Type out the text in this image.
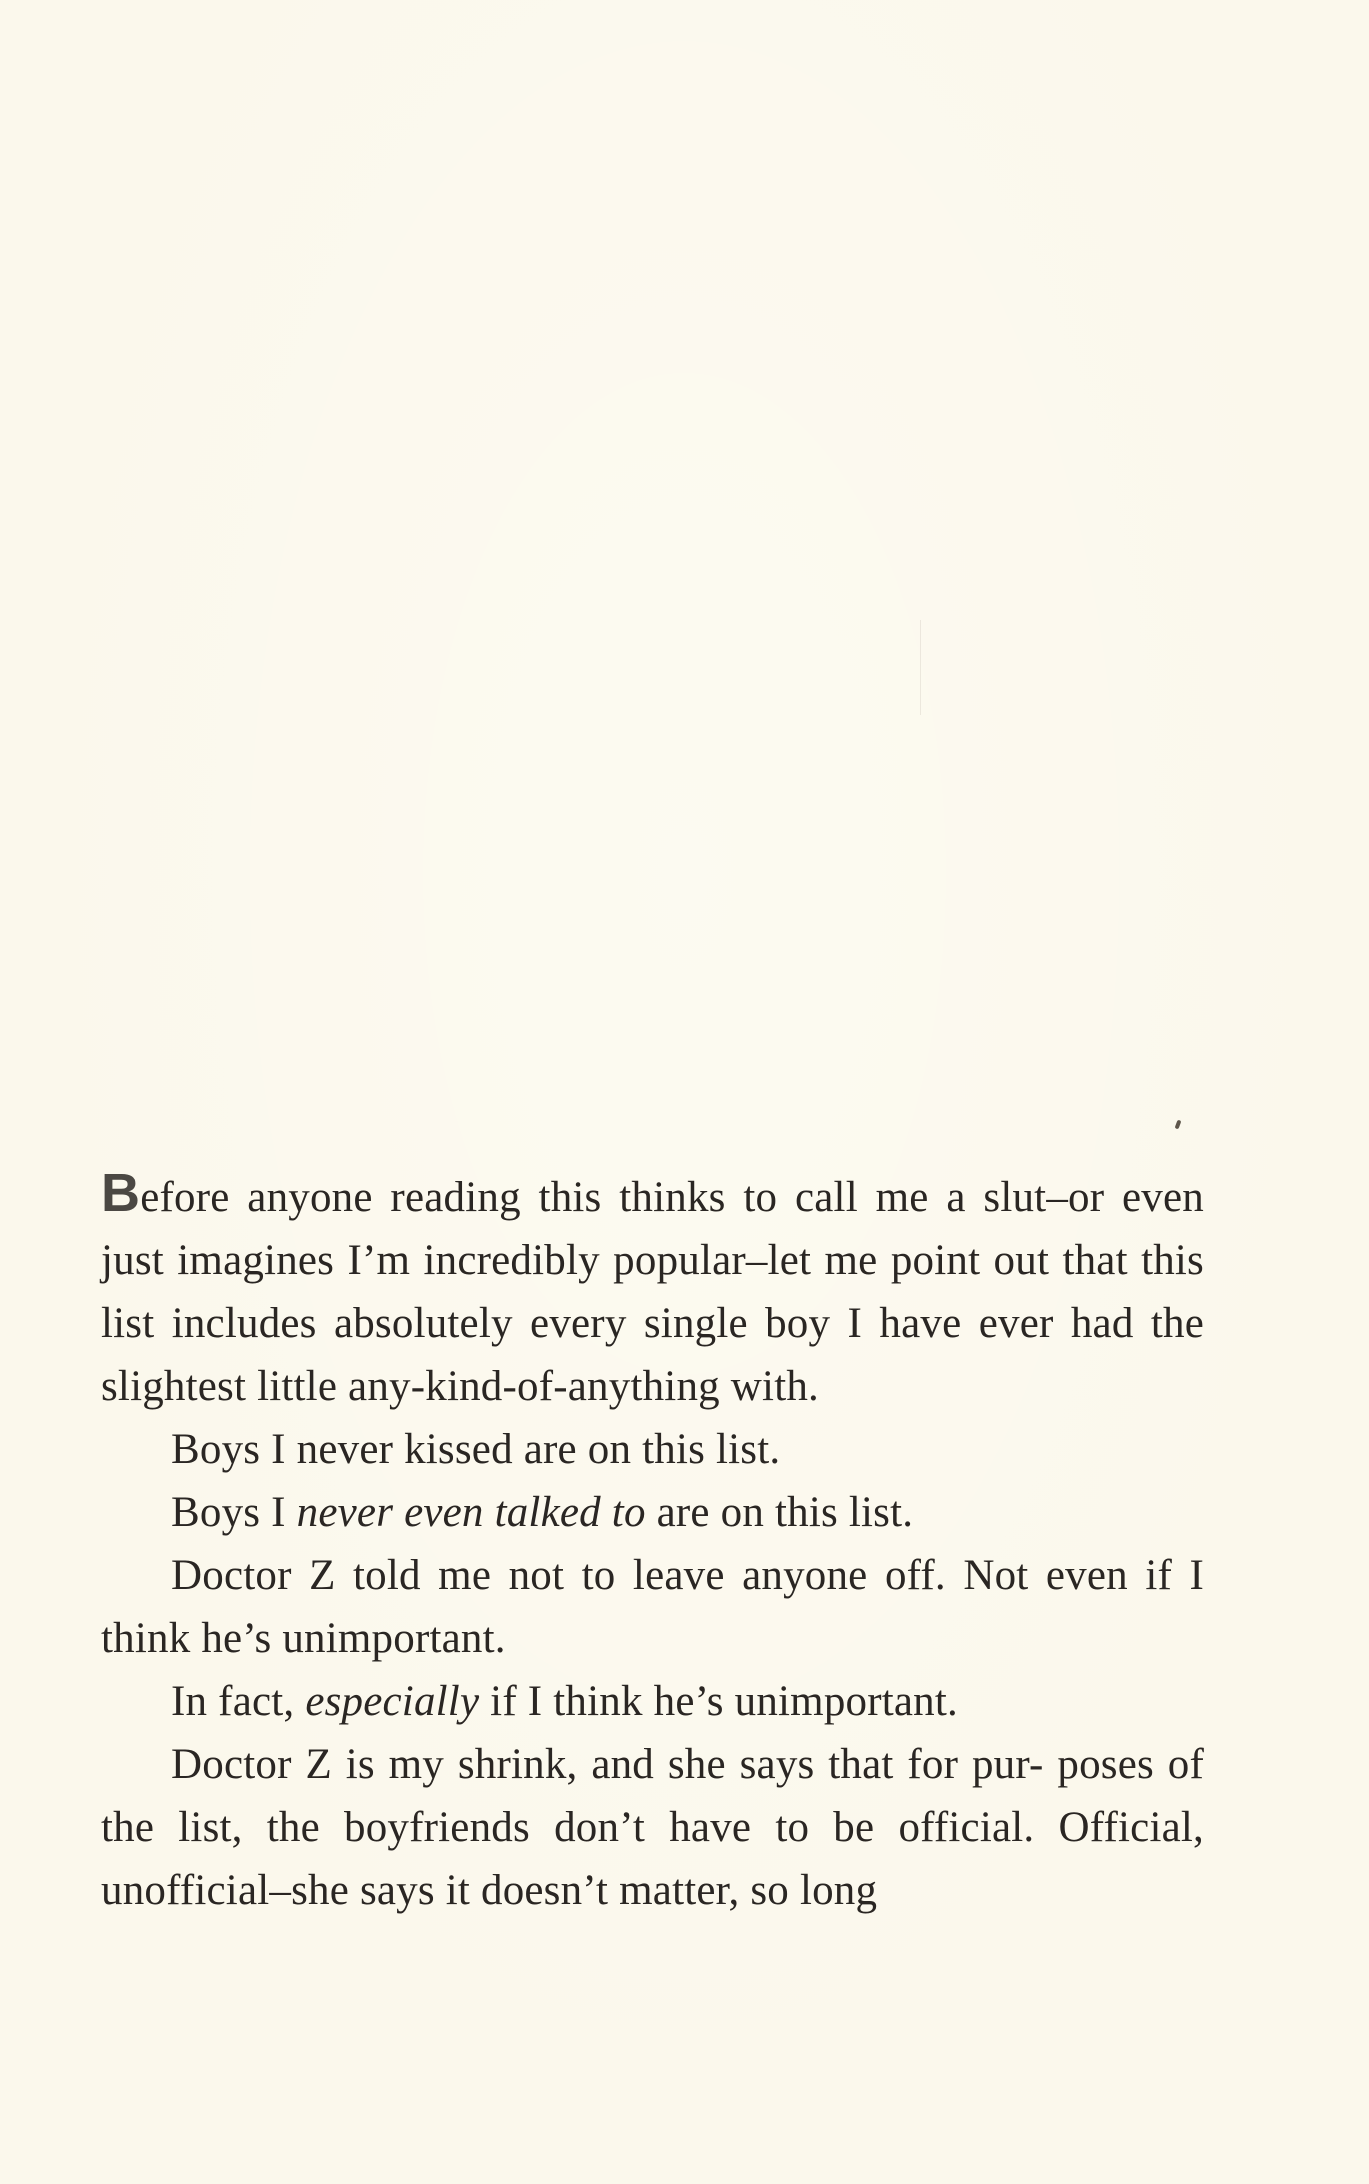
Before anyone reading this thinks to call me a slut–or even just imagines I’m incredibly popular–let me point out that this list includes absolutely every single boy I have ever had the slightest little any-kind-of-anything with.

Boys I never kissed are on this list.

Boys I never even talked to are on this list.

Doctor Z told me not to leave anyone off. Not even if I think he’s unimportant.

In fact, especially if I think he’s unimportant.

Doctor Z is my shrink, and she says that for pur- poses of the list, the boyfriends don’t have to be official. Official, unofficial–she says it doesn’t matter, so long
